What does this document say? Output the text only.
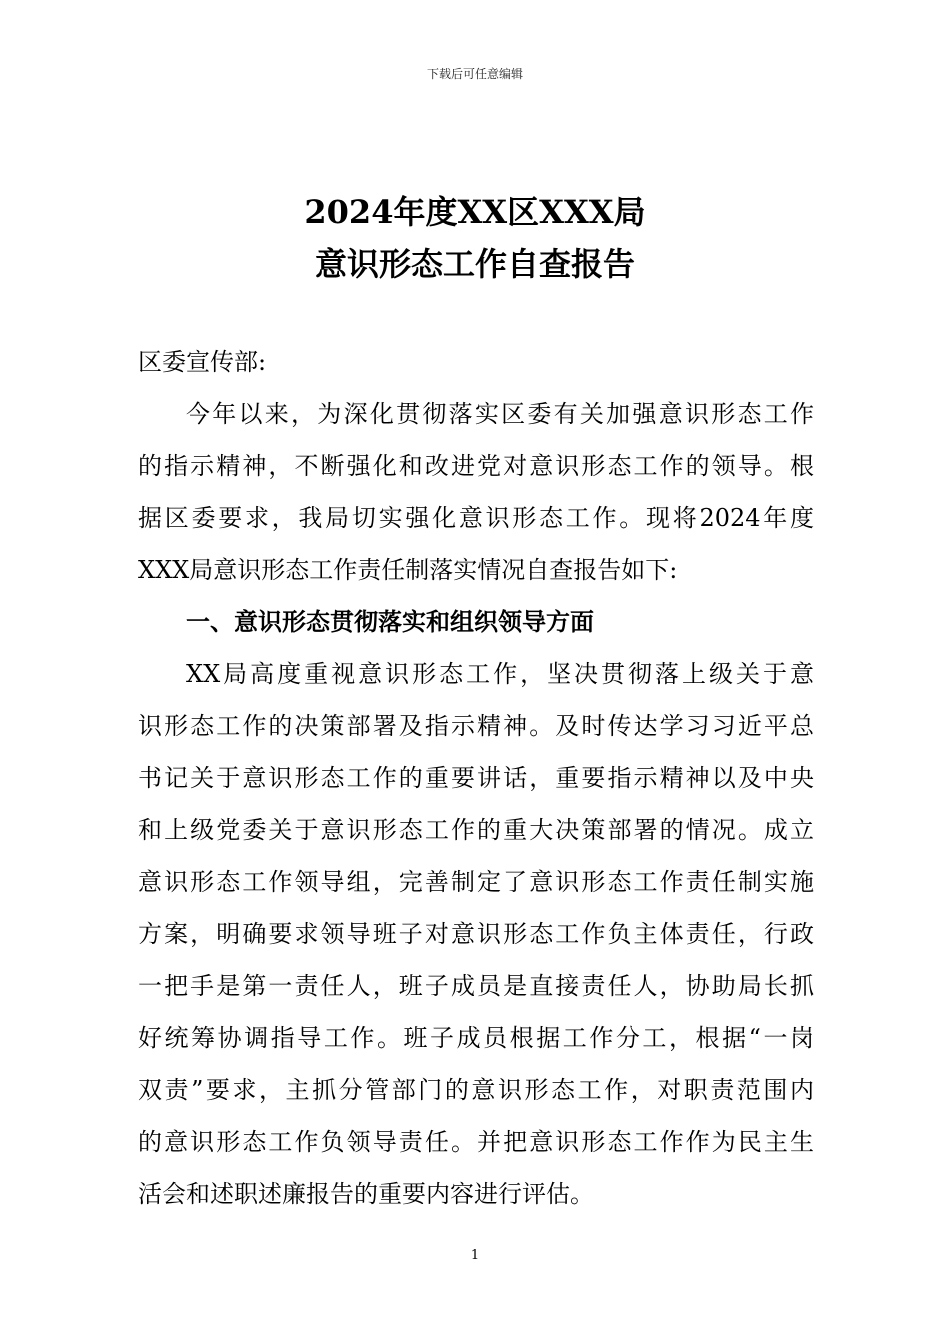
下载后可任意编辑
2024年度XX区XXX局
意识形态工作自查报告
区委宣传部:
今年以来，为深化贯彻落实区委有关加强意识形态工作
的指示精神，不断强化和改进党对意识形态工作的领导。根
据区委要求，我局切实强化意识形态工作。现将2024年度
XXX局意识形态工作责任制落实情况自查报告如下:
一、意识形态贯彻落实和组织领导方面
XX局高度重视意识形态工作，坚决贯彻落上级关于意
识形态工作的决策部署及指示精神。及时传达学习习近平总
书记关于意识形态工作的重要讲话，重要指示精神以及中央
和上级党委关于意识形态工作的重大决策部署的情况。成立
意识形态工作领导组，完善制定了意识形态工作责任制实施
方案，明确要求领导班子对意识形态工作负主体责任，行政
一把手是第一责任人，班子成员是直接责任人，协助局长抓
好统筹协调指导工作。班子成员根据工作分工，根据“一岗
双责”要求，主抓分管部门的意识形态工作，对职责范围内
的意识形态工作负领导责任。并把意识形态工作作为民主生
活会和述职述廉报告的重要内容进行评估。
1
